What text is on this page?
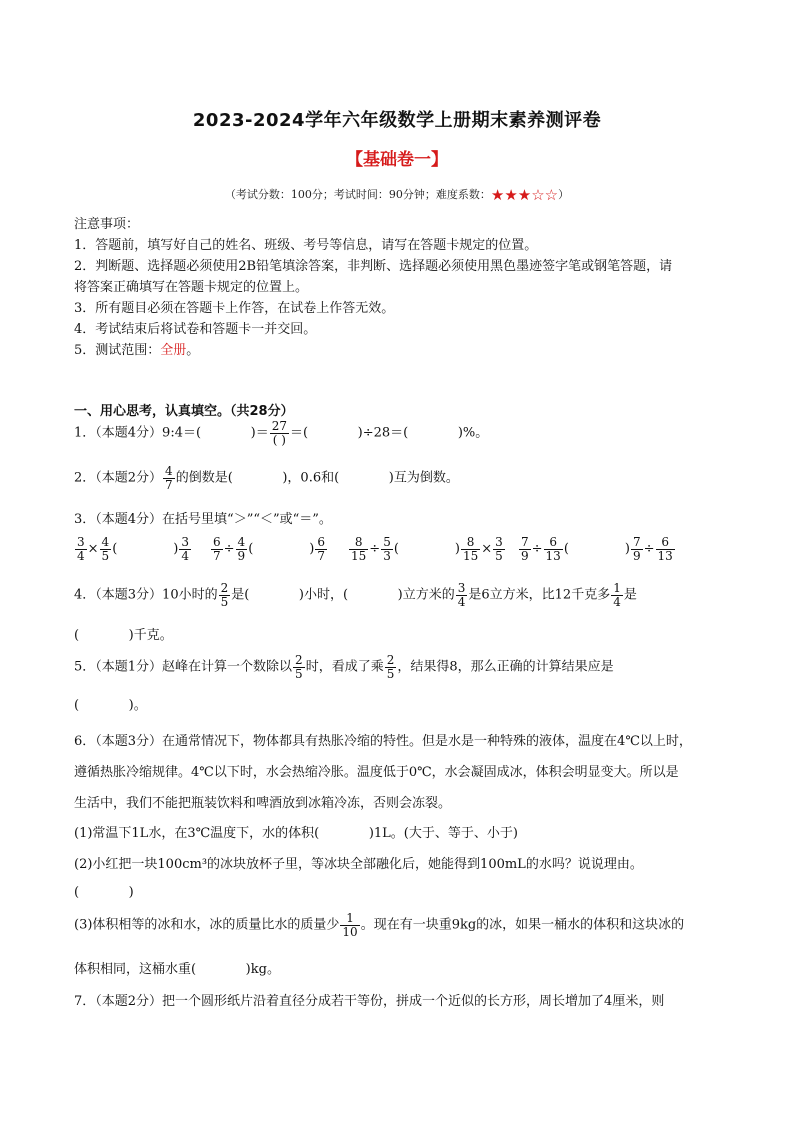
2023-2024学年六年级数学上册期末素养测评卷
【基础卷一】
（考试分数：100分；考试时间：90分钟；难度系数：★★★☆☆）
注意事项：
1．答题前，填写好自己的姓名、班级、考号等信息，请写在答题卡规定的位置。
2．判断题、选择题必须使用2B铅笔填涂答案，非判断、选择题必须使用黑色墨迹签字笔或钢笔答题，请
将答案正确填写在答题卡规定的位置上。
3．所有题目必须在答题卡上作答，在试卷上作答无效。
4．考试结束后将试卷和答题卡一并交回。
5．测试范围：全册。
一、用心思考，认真填空。（共28分）
1．（本题4分）9:4＝(	)＝ $\frac{27}{( )}$ ＝(	)÷28＝(	)%。
2．（本题2分） $\frac{4}{7}$ 的倒数是(	)，0.6和(	)互为倒数。
3．（本题4分）在括号里填“＞”“＜”或“＝”。
$\frac{3}{4} \times \frac{4}{5}$ (	) $\frac{3}{4} \frac{6}{7} \div \frac{4}{9}$ (	) $\frac{6}{7} \frac{8}{15} \div \frac{5}{3}$ (	) $\frac{8}{15} \times \frac{3}{5} \frac{7}{9} \div \frac{6}{13}$ (	) $\frac{7}{9} \div \frac{6}{13}$
4．（本题3分）10小时的 $\frac{2}{5}$ 是(	)小时，(	)立方米的 $\frac{3}{4}$ 是6立方米，比12千克多 $\frac{1}{4}$ 是
(	)千克。
5．（本题1分）赵峰在计算一个数除以 $\frac{2}{5}$ 时，看成了乘 $\frac{2}{5}$ ，结果得8，那么正确的计算结果应是
(	)。
6．（本题3分）在通常情况下，物体都具有热胀冷缩的特性。但是水是一种特殊的液体，温度在4℃以上时，
遵循热胀冷缩规律。4℃以下时，水会热缩冷胀。温度低于0℃，水会凝固成冰，体积会明显变大。所以是
生活中，我们不能把瓶装饮料和啤酒放到冰箱冷冻，否则会冻裂。
(1)常温下1L水，在3℃温度下，水的体积(	)1L。(大于、等于、小于)
(2)小红把一块100cm³的冰块放杯子里，等冰块全部融化后，她能得到100mL的水吗？说说理由。
(	)
(3)体积相等的冰和水，冰的质量比水的质量少 $\frac{1}{10}$ 。现在有一块重9kg的冰，如果一桶水的体积和这块冰的
体积相同，这桶水重(	)kg。
7．（本题2分）把一个圆形纸片沿着直径分成若干等份，拼成一个近似的长方形，周长增加了4厘米，则
